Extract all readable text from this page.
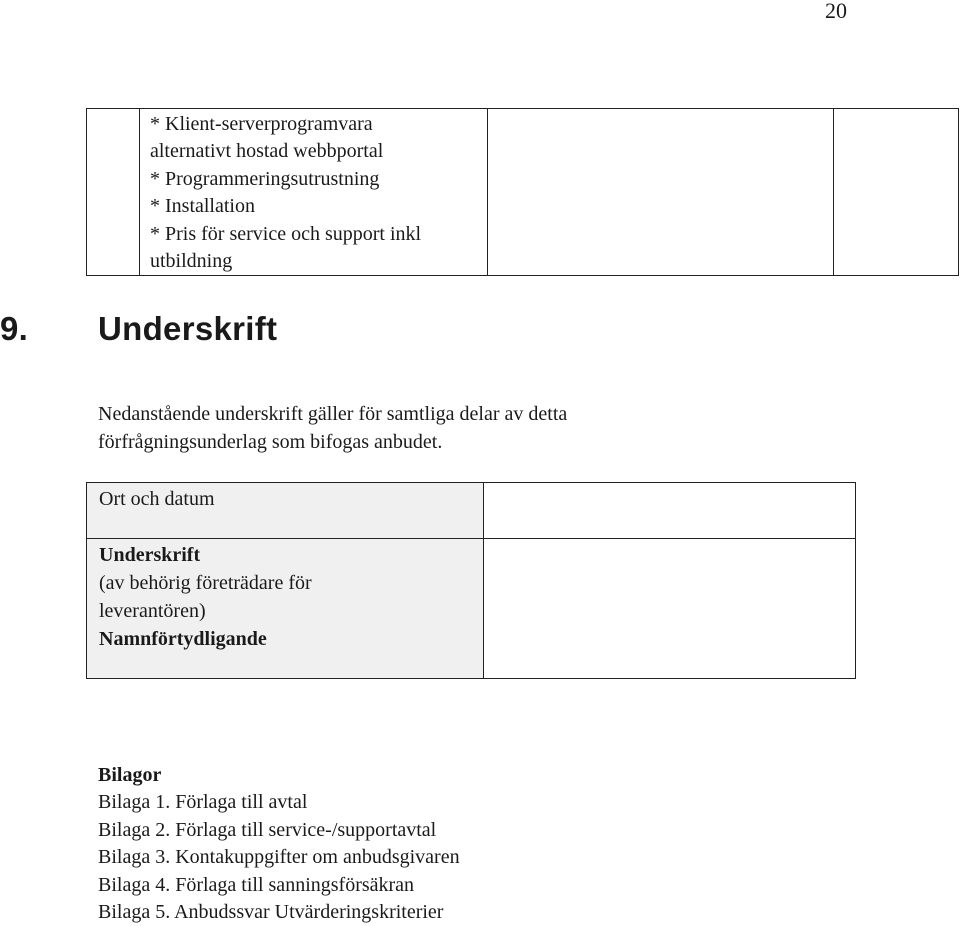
20

* Klient-serverprogramvara
alternativt hostad webbportal
* Programmeringsutrustning
* Installation
* Pris för service och support inkl
utbildning

9. Underskrift
Nedanstående underskrift gäller för samtliga delar av detta
förfrågningsunderlag som bifogas anbudet.
Ort och datum	

Underskrift
(av behörig företrädare för
leverantören)
Namnförtydligande	

Bilagor
Bilaga 1. Förlaga till avtal
Bilaga 2. Förlaga till service-/supportavtal
Bilaga 3. Kontakuppgifter om anbudsgivaren
Bilaga 4. Förlaga till sanningsförsäkran
Bilaga 5. Anbudssvar Utvärderingskriterier
